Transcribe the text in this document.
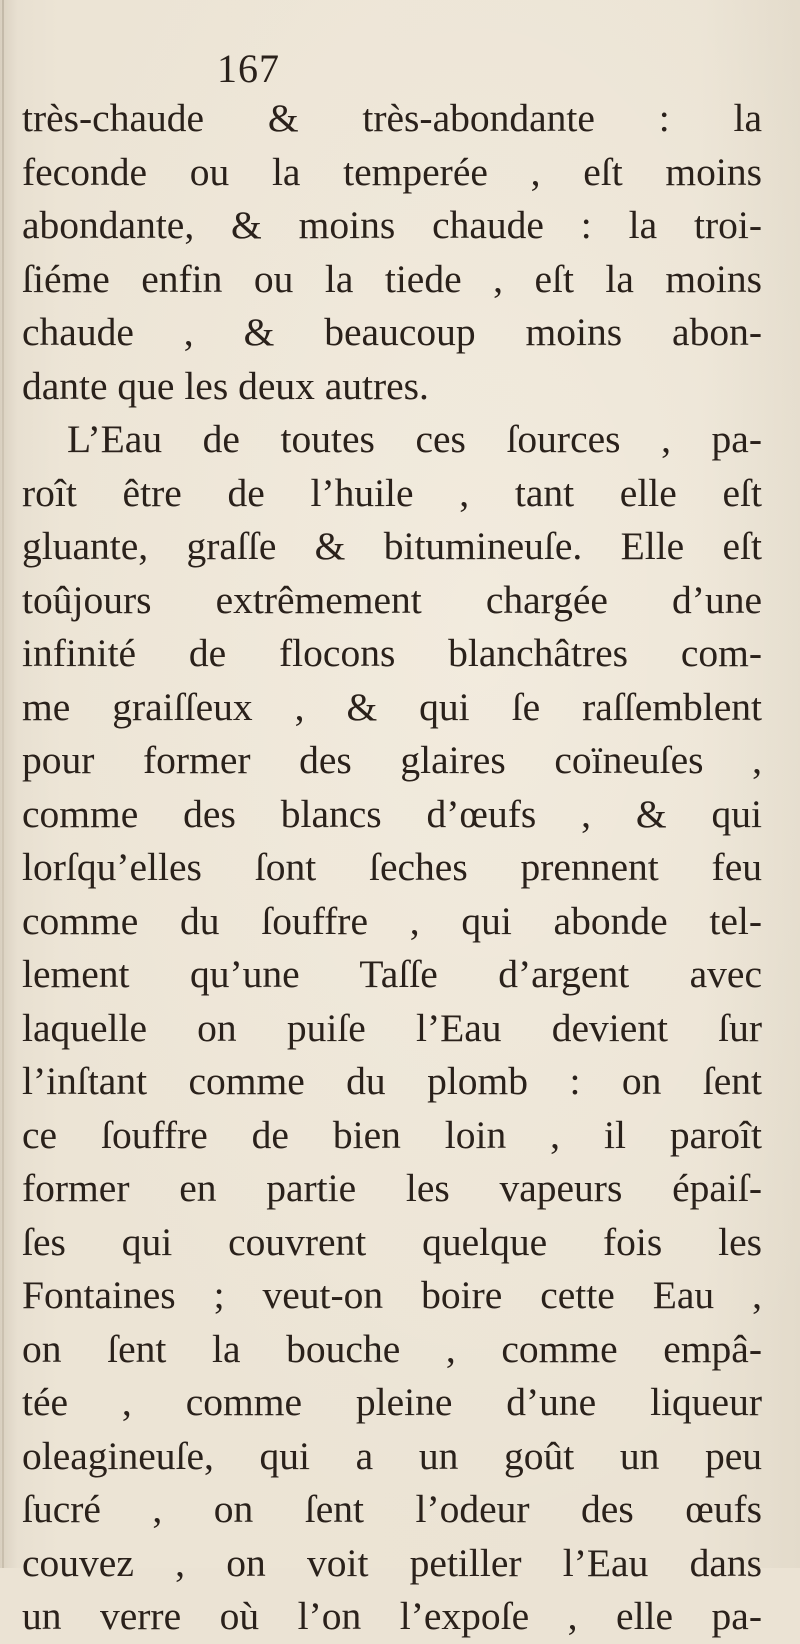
167
très-chaude & très-abondante : la
feconde ou la temperée , eſt moins
abondante, & moins chaude : la troi-
ſiéme enfin ou la tiede , eſt la moins
chaude , & beaucoup moins abon-
dante que les deux autres.
L’Eau de toutes ces ſources , pa-
roît être de l’huile , tant elle eſt
gluante, graſſe & bitumineuſe. Elle eſt
toûjours extrêmement chargée d’une
infinité de flocons blanchâtres com-
me graiſſeux , & qui ſe raſſemblent
pour former des glaires coïneuſes ,
comme des blancs d’œufs , & qui
lorſqu’elles ſont ſeches prennent feu
comme du ſouffre , qui abonde tel-
lement qu’une Taſſe d’argent avec
laquelle on puiſe l’Eau devient ſur
l’inſtant comme du plomb : on ſent
ce ſouffre de bien loin , il paroît
former en partie les vapeurs épaiſ-
ſes qui couvrent quelque fois les
Fontaines ; veut-on boire cette Eau ,
on ſent la bouche , comme empâ-
tée , comme pleine d’une liqueur
oleagineuſe, qui a un goût un peu
ſucré , on ſent l’odeur des œufs
couvez , on voit petiller l’Eau dans
un verre où l’on l’expoſe , elle pa-
